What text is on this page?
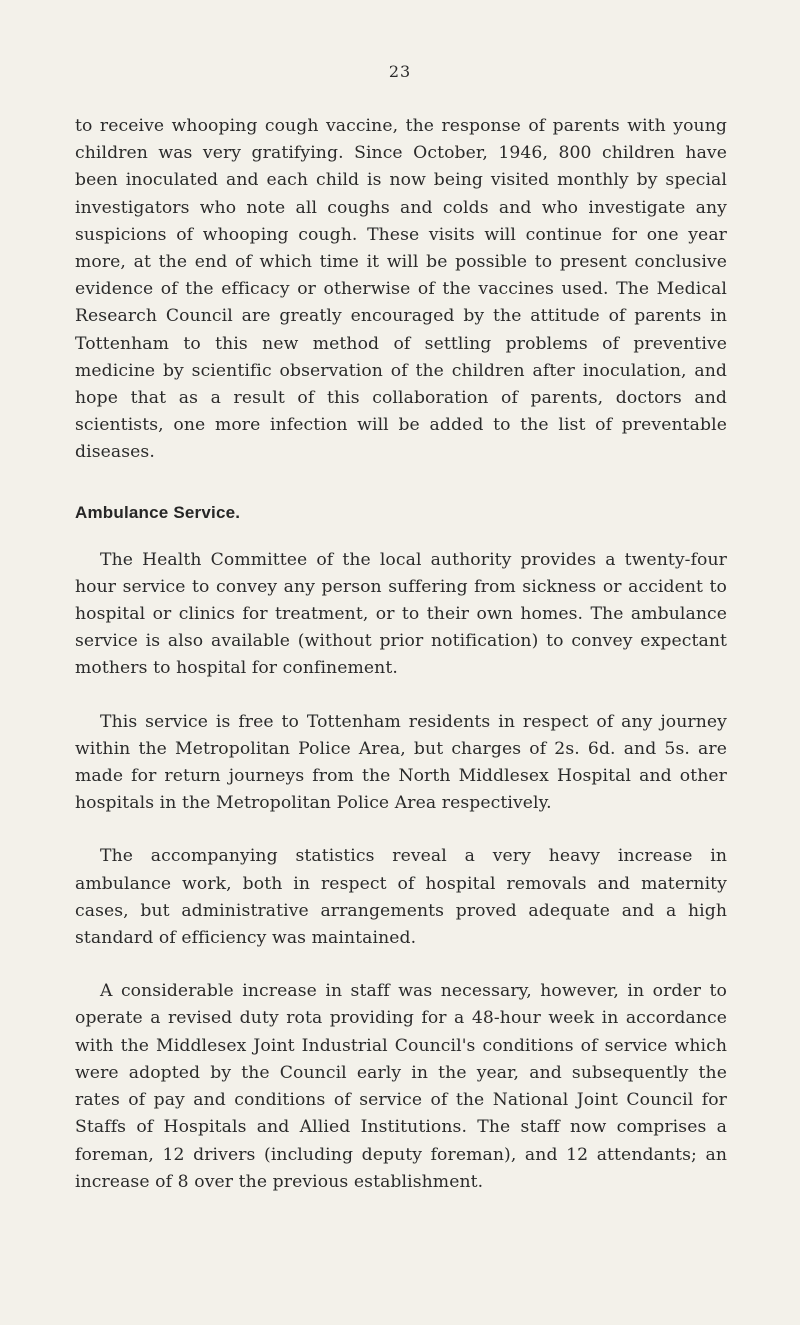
23

to receive whooping cough vaccine, the response of parents with young children was very gratifying. Since October, 1946, 800 children have been inoculated and each child is now being visited monthly by special investigators who note all coughs and colds and who investigate any suspicions of whooping cough. These visits will continue for one year more, at the end of which time it will be possible to present conclusive evidence of the efficacy or otherwise of the vaccines used. The Medical Research Council are greatly encouraged by the attitude of parents in Tottenham to this new method of settling problems of preventive medicine by scientific observation of the children after inoculation, and hope that as a result of this collaboration of parents, doctors and scientists, one more infection will be added to the list of preventable diseases.

Ambulance Service.

The Health Committee of the local authority provides a twenty-four hour service to convey any person suffering from sickness or accident to hospital or clinics for treatment, or to their own homes. The ambulance service is also available (without prior notification) to convey expectant mothers to hospital for confinement.

This service is free to Tottenham residents in respect of any journey within the Metropolitan Police Area, but charges of 2s. 6d. and 5s. are made for return journeys from the North Middlesex Hospital and other hospitals in the Metropolitan Police Area respectively.

The accompanying statistics reveal a very heavy increase in ambulance work, both in respect of hospital removals and maternity cases, but administrative arrangements proved adequate and a high standard of efficiency was maintained.

A considerable increase in staff was necessary, however, in order to operate a revised duty rota providing for a 48-hour week in accordance with the Middlesex Joint Industrial Council's conditions of service which were adopted by the Council early in the year, and subsequently the rates of pay and conditions of service of the National Joint Council for Staffs of Hospitals and Allied Institutions. The staff now comprises a foreman, 12 drivers (including deputy foreman), and 12 attendants; an increase of 8 over the previous establishment.
